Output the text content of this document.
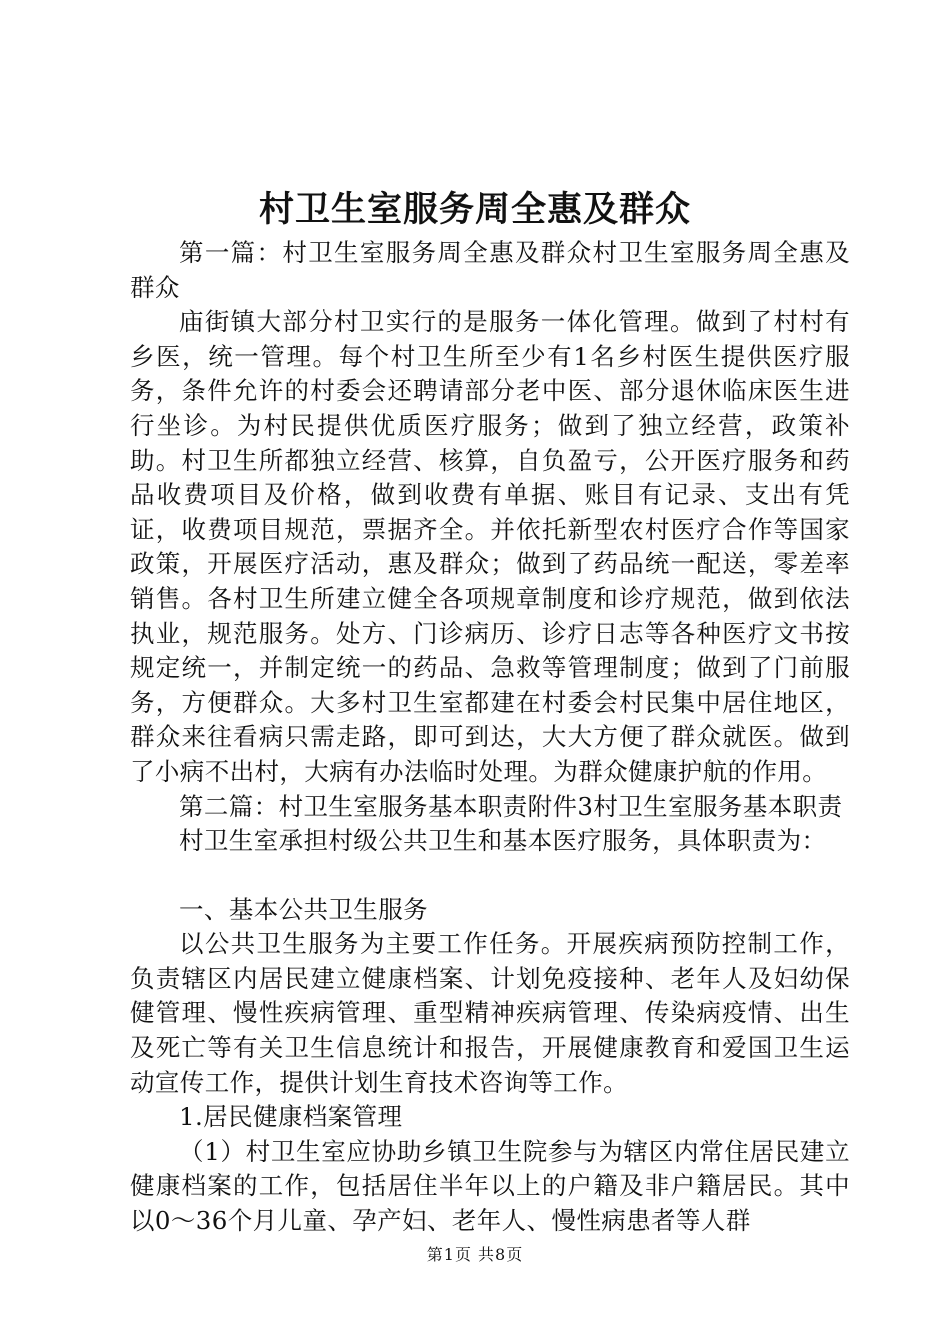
村卫生室服务周全惠及群众

第一篇：村卫生室服务周全惠及群众村卫生室服务周全惠及群众

庙街镇大部分村卫实行的是服务一体化管理。做到了村村有乡医，统一管理。每个村卫生所至少有1名乡村医生提供医疗服务，条件允许的村委会还聘请部分老中医、部分退休临床医生进行坐诊。为村民提供优质医疗服务；做到了独立经营，政策补助。村卫生所都独立经营、核算，自负盈亏，公开医疗服务和药品收费项目及价格，做到收费有单据、账目有记录、支出有凭证，收费项目规范，票据齐全。并依托新型农村医疗合作等国家政策，开展医疗活动，惠及群众；做到了药品统一配送，零差率销售。各村卫生所建立健全各项规章制度和诊疗规范，做到依法执业，规范服务。处方、门诊病历、诊疗日志等各种医疗文书按规定统一，并制定统一的药品、急救等管理制度；做到了门前服务，方便群众。大多村卫生室都建在村委会村民集中居住地区，群众来往看病只需走路，即可到达，大大方便了群众就医。做到了小病不出村，大病有办法临时处理。为群众健康护航的作用。

第二篇：村卫生室服务基本职责附件3村卫生室服务基本职责

村卫生室承担村级公共卫生和基本医疗服务，具体职责为：

一、基本公共卫生服务

以公共卫生服务为主要工作任务。开展疾病预防控制工作，负责辖区内居民建立健康档案、计划免疫接种、老年人及妇幼保健管理、慢性疾病管理、重型精神疾病管理、传染病疫情、出生及死亡等有关卫生信息统计和报告，开展健康教育和爱国卫生运动宣传工作，提供计划生育技术咨询等工作。

1.居民健康档案管理

（1）村卫生室应协助乡镇卫生院参与为辖区内常住居民建立健康档案的工作，包括居住半年以上的户籍及非户籍居民。其中以0～36个月儿童、孕产妇、老年人、慢性病患者等人群

第1页 共8页
